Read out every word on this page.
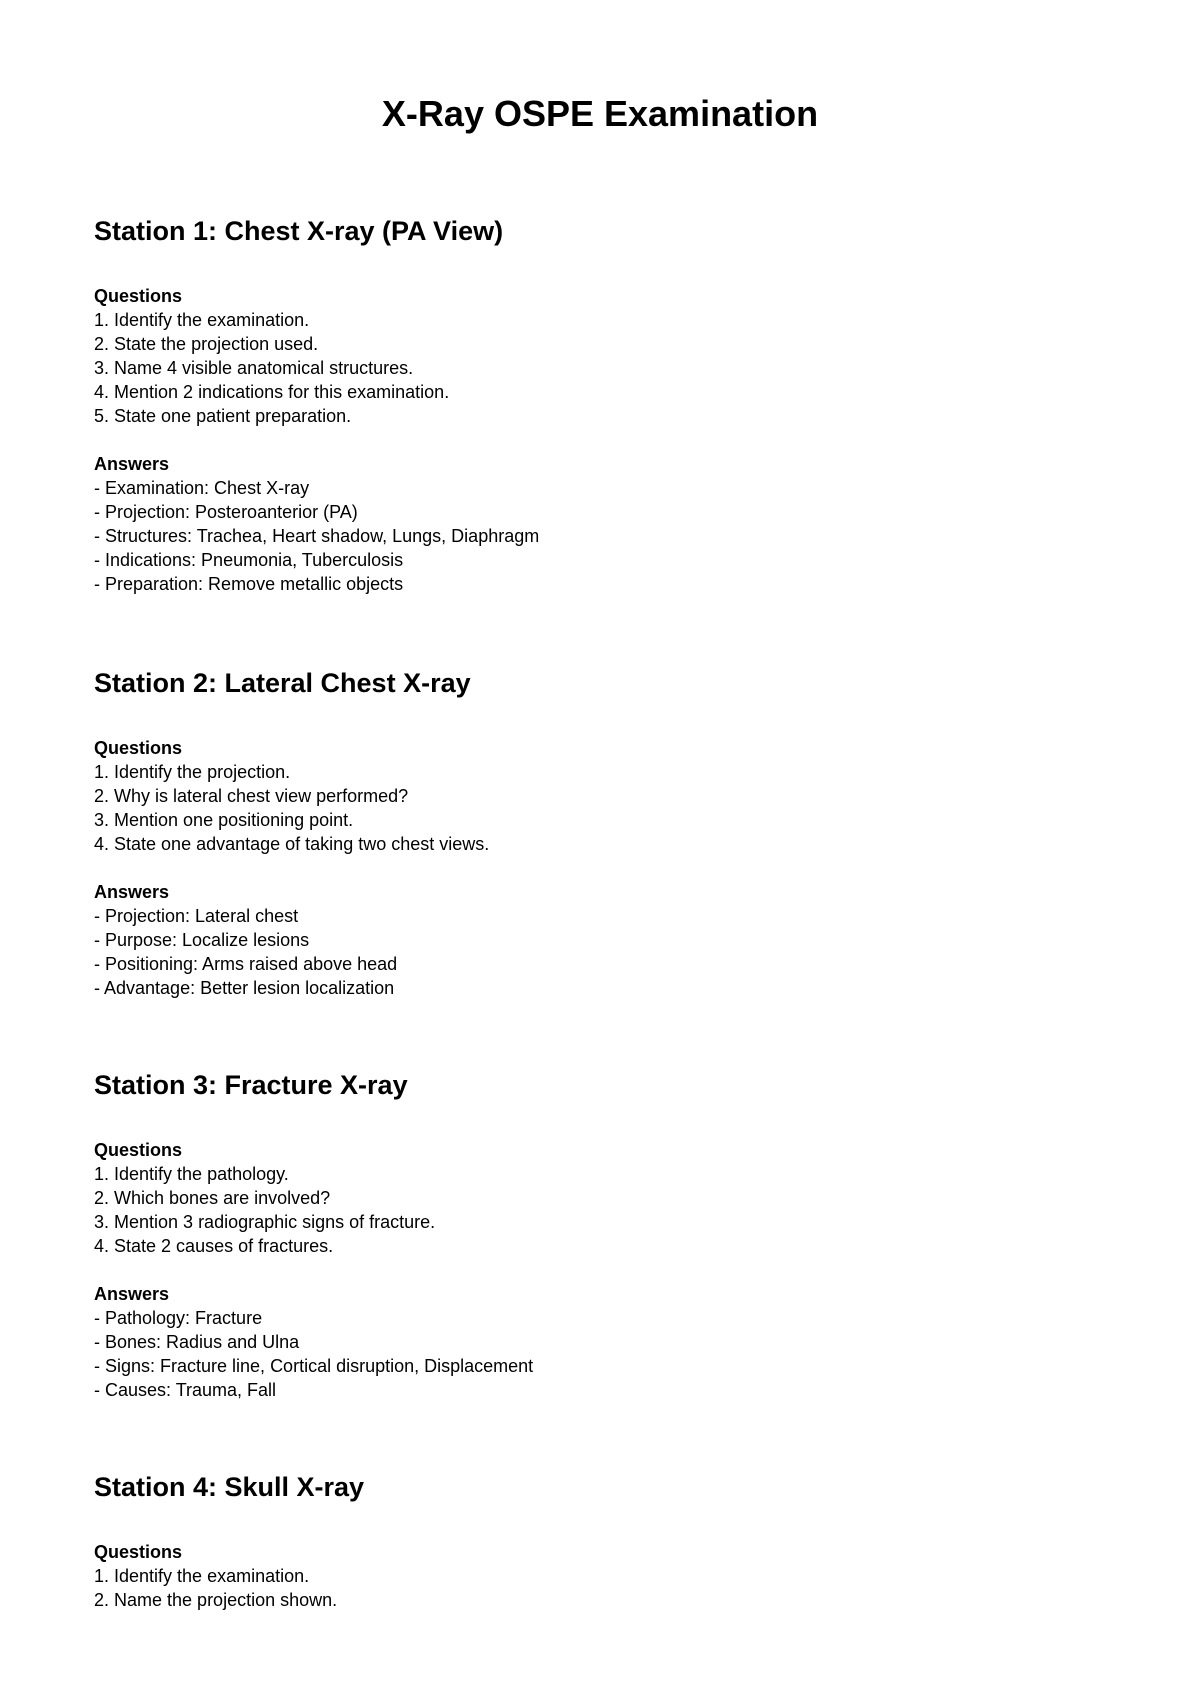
X-Ray OSPE Examination
Station 1: Chest X-ray (PA View)
Questions
1. Identify the examination.
2. State the projection used.
3. Name 4 visible anatomical structures.
4. Mention 2 indications for this examination.
5. State one patient preparation.
Answers
- Examination: Chest X-ray
- Projection: Posteroanterior (PA)
- Structures: Trachea, Heart shadow, Lungs, Diaphragm
- Indications: Pneumonia, Tuberculosis
- Preparation: Remove metallic objects
Station 2: Lateral Chest X-ray
Questions
1. Identify the projection.
2. Why is lateral chest view performed?
3. Mention one positioning point.
4. State one advantage of taking two chest views.
Answers
- Projection: Lateral chest
- Purpose: Localize lesions
- Positioning: Arms raised above head
- Advantage: Better lesion localization
Station 3: Fracture X-ray
Questions
1. Identify the pathology.
2. Which bones are involved?
3. Mention 3 radiographic signs of fracture.
4. State 2 causes of fractures.
Answers
- Pathology: Fracture
- Bones: Radius and Ulna
- Signs: Fracture line, Cortical disruption, Displacement
- Causes: Trauma, Fall
Station 4: Skull X-ray
Questions
1. Identify the examination.
2. Name the projection shown.
